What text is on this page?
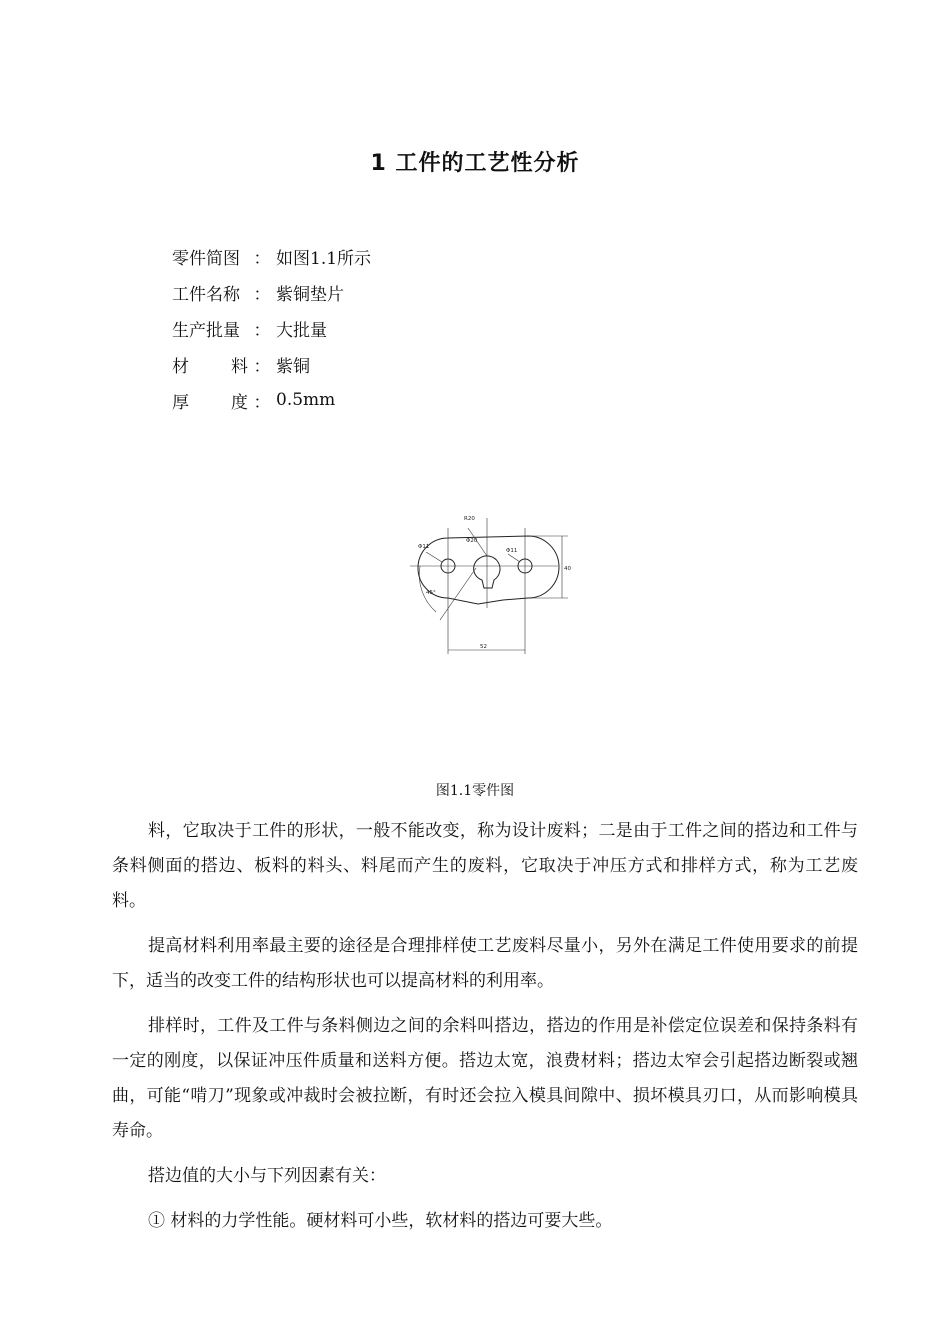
1 工件的工艺性分析
零件简图 ： 如图1.1所示
工件名称 ： 紫铜垫片
生产批量 ： 大批量
材 料 ： 紫铜
厚 度 ： 0.5mm
Φ11
R20
Φ20
Φ11
40
52
45°
图1.1零件图

料，它取决于工件的形状，一般不能改变，称为设计废料；二是由于工件之间的搭边和工件与条料侧面的搭边、板料的料头、料尾而产生的废料，它取决于冲压方式和排样方式，称为工艺废料。

提高材料利用率最主要的途径是合理排样使工艺废料尽量小，另外在满足工件使用要求的前提下，适当的改变工件的结构形状也可以提高材料的利用率。

排样时，工件及工件与条料侧边之间的余料叫搭边，搭边的作用是补偿定位误差和保持条料有一定的刚度，以保证冲压件质量和送料方便。搭边太宽，浪费材料；搭边太窄会引起搭边断裂或翘曲，可能“啃刀”现象或冲裁时会被拉断，有时还会拉入模具间隙中、损坏模具刃口，从而影响模具寿命。

搭边值的大小与下列因素有关：

① 材料的力学性能。硬材料可小些，软材料的搭边可要大些。
